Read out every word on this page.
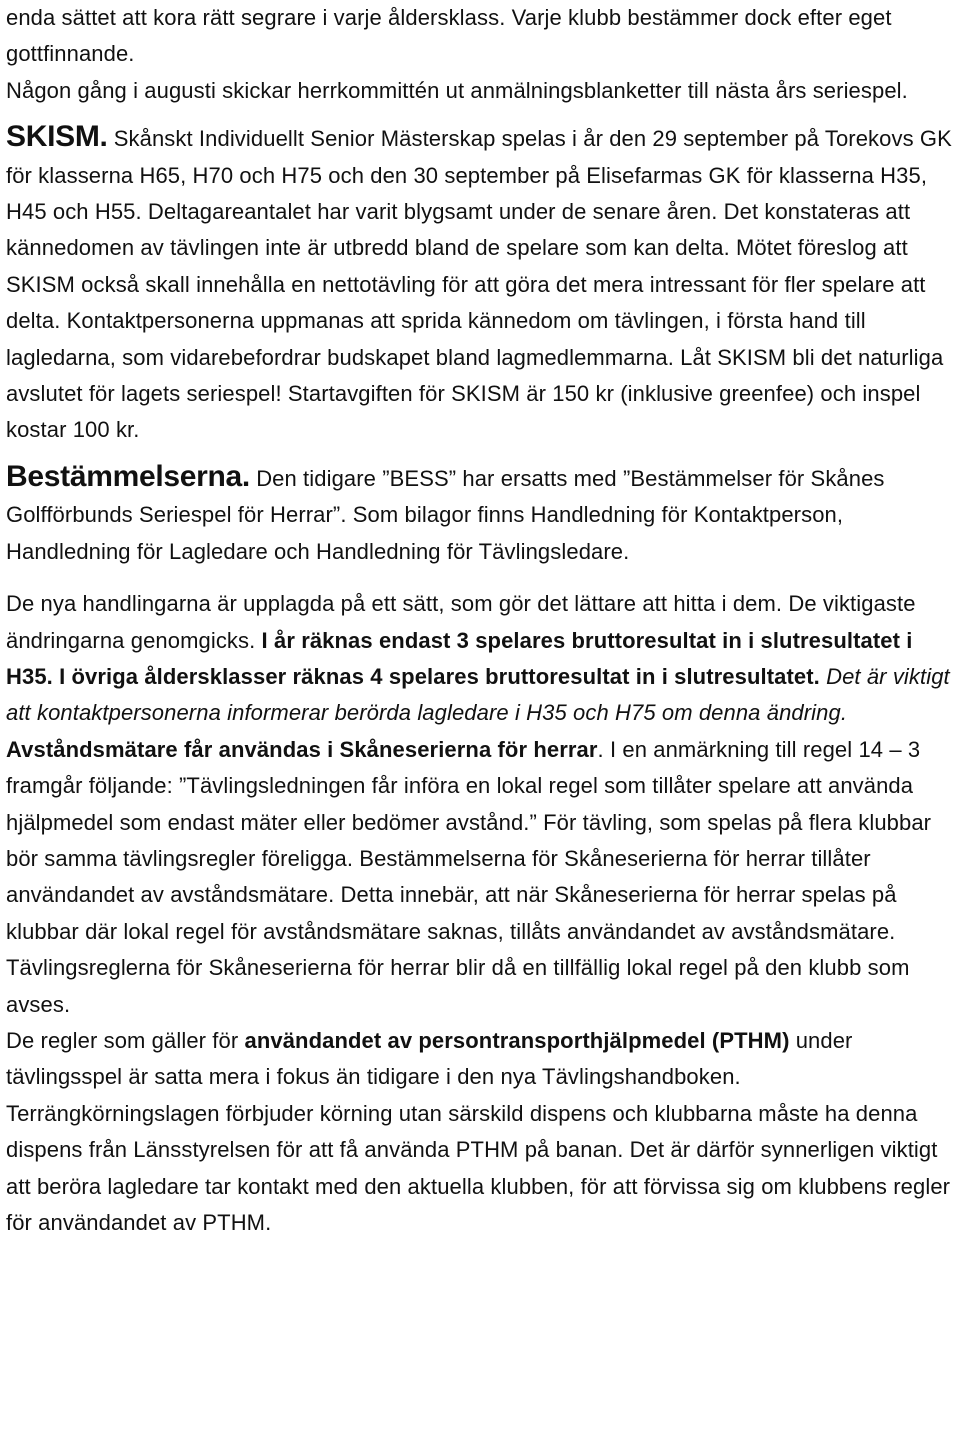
enda sättet att kora rätt segrare i varje åldersklass. Varje klubb bestämmer dock efter eget gottfinnande.

Någon gång i augusti skickar herrkommittén ut anmälningsblanketter till nästa års seriespel.

SKISM. Skånskt Individuellt Senior Mästerskap spelas i år den 29 september på Torekovs GK för klasserna H65, H70 och H75 och den 30 september på Elisefarmas GK för klasserna H35, H45 och H55. Deltagareantalet har varit blygsamt under de senare åren. Det konstateras att kännedomen av tävlingen inte är utbredd bland de spelare som kan delta. Mötet föreslog att SKISM också skall innehålla en nettotävling för att göra det mera intressant för fler spelare att delta. Kontaktpersonerna uppmanas att sprida kännedom om tävlingen, i första hand till lagledarna, som vidarebefordrar budskapet bland lagmedlemmarna. Låt SKISM bli det naturliga avslutet för lagets seriespel! Startavgiften för SKISM är 150 kr (inklusive greenfee) och inspel kostar 100 kr.

Bestämmelserna. Den tidigare ”BESS” har ersatts med ”Bestämmelser för Skånes Golfförbunds Seriespel för Herrar”. Som bilagor finns Handledning för Kontaktperson, Handledning för Lagledare och Handledning för Tävlingsledare.

De nya handlingarna är upplagda på ett sätt, som gör det lättare att hitta i dem. De viktigaste ändringarna genomgicks. I år räknas endast 3 spelares bruttoresultat in i slutresultatet i H35. I övriga åldersklasser räknas 4 spelares bruttoresultat in i slutresultatet. Det är viktigt att kontaktpersonerna informerar berörda lagledare i H35 och H75 om denna ändring.

Avståndsmätare får användas i Skåneserierna för herrar. I en anmärkning till regel 14 – 3 framgår följande: ”Tävlingsledningen får införa en lokal regel som tillåter spelare att använda hjälpmedel som endast mäter eller bedömer avstånd.” För tävling, som spelas på flera klubbar bör samma tävlingsregler föreligga. Bestämmelserna för Skåneserierna för herrar tillåter användandet av avståndsmätare. Detta innebär, att när Skåneserierna för herrar spelas på klubbar där lokal regel för avståndsmätare saknas, tillåts användandet av avståndsmätare. Tävlingsreglerna för Skåneserierna för herrar blir då en tillfällig lokal regel på den klubb som avses.

De regler som gäller för användandet av persontransporthjälpmedel (PTHM) under tävlingsspel är satta mera i fokus än tidigare i den nya Tävlingshandboken. Terrängkörningslagen förbjuder körning utan särskild dispens och klubbarna måste ha denna dispens från Länsstyrelsen för att få använda PTHM på banan. Det är därför synnerligen viktigt att beröra lagledare tar kontakt med den aktuella klubben, för att förvissa sig om klubbens regler för användandet av PTHM.
